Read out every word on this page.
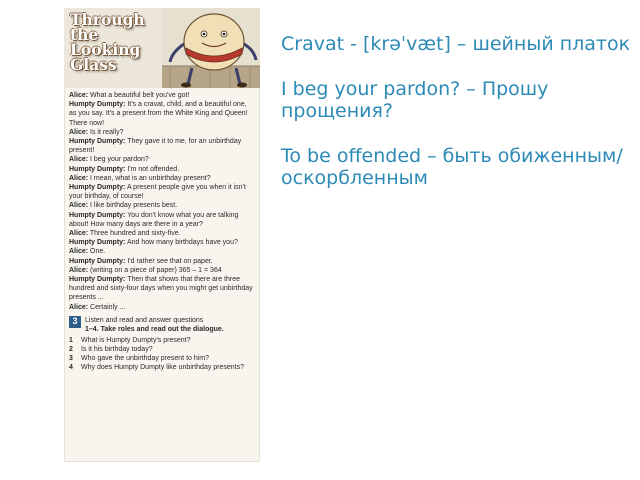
Through
the
Looking
Glass

Alice: What a beautiful belt you've got!

Humpty Dumpty: It's a cravat, child, and a beautiful one, as you say. It's a present from the White King and Queen! There now!

Alice: Is it really?

Humpty Dumpty: They gave it to me, for an unbirthday present!

Alice: I beg your pardon?

Humpty Dumpty: I'm not offended.

Alice: I mean, what is an unbirthday present?

Humpty Dumpty: A present people give you when it isn't your birthday, of course!

Alice: I like birthday presents best.

Humpty Dumpty: You don't know what you are talking about! How many days are there in a year?

Alice: Three hundred and sixty-five.

Humpty Dumpty: And how many birthdays have you?

Alice: One.

Humpty Dumpty: I'd rather see that on paper.

Alice: (writing on a piece of paper) 365 – 1 = 364

Humpty Dumpty: Then that shows that there are three hundred and sixty-four days when you might get unbirthday presents ...

Alice: Certainly ...

3	Listen and read and answer questions
1–4. Take roles and read out the dialogue.
1 What is Humpty Dumpty's present?
2 Is it his birthday today?
3 Who gave the unbirthday present to him?
4 Why does Humpty Dumpty like unbirthday presents?

Cravat - [krəˈvæt] – шейный платок

I beg your pardon? – Прошу прощения?

To be offended – быть обиженным/оскорбленным
